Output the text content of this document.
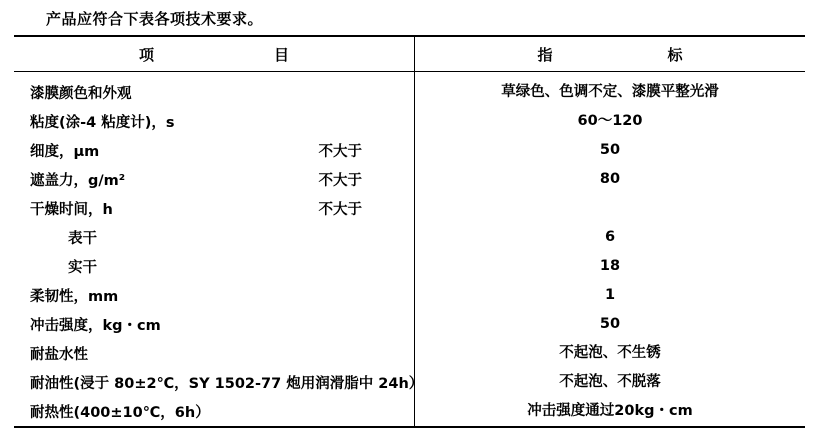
产品应符合下表各项技术要求。
项 目	指 标

漆膜颜色和外观	草绿色、色调不定、漆膜平整光滑

粘度(涂-4 粘度计)，s	60～120

细度，μm 不大于	50

遮盖力，g/m² 不大于	80

干燥时间，h 不大于	

表干	6

实干	18

柔韧性，mm	1

冲击强度，kg・cm	50

耐盐水性	不起泡、不生锈

耐油性(浸于 80±2℃，SY 1502-77 炮用润滑脂中 24h）	不起泡、不脱落

耐热性(400±10℃，6h）	冲击强度通过20kg・cm
